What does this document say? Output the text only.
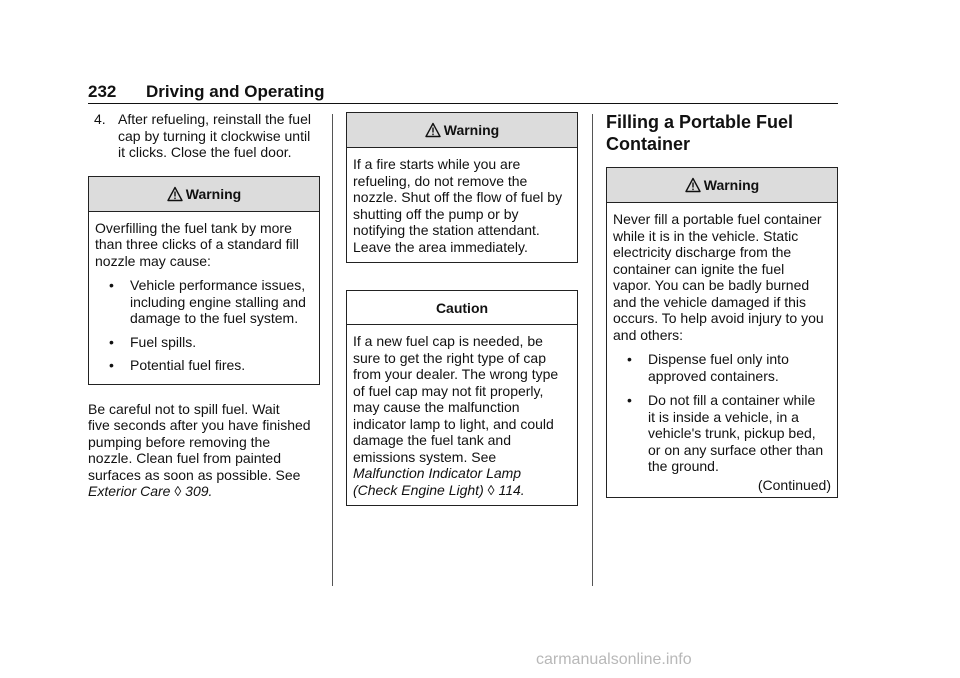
232 Driving and Operating
4. After refueling, reinstall the fuel
cap by turning it clockwise until
it clicks. Close the fuel door.
Warning
Overfilling the fuel tank by more
than three clicks of a standard fill
nozzle may cause:
• Vehicle performance issues,
including engine stalling and
damage to the fuel system.
• Fuel spills.
• Potential fuel fires.
Be careful not to spill fuel. Wait
five seconds after you have finished
pumping before removing the
nozzle. Clean fuel from painted
surfaces as soon as possible. See
Exterior Care ◊ 309.
Warning
If a fire starts while you are
refueling, do not remove the
nozzle. Shut off the flow of fuel by
shutting off the pump or by
notifying the station attendant.
Leave the area immediately.
Caution
If a new fuel cap is needed, be
sure to get the right type of cap
from your dealer. The wrong type
of fuel cap may not fit properly,
may cause the malfunction
indicator lamp to light, and could
damage the fuel tank and
emissions system. See
Malfunction Indicator Lamp
(Check Engine Light) ◊ 114.
Filling a Portable Fuel
Container
Warning
Never fill a portable fuel container
while it is in the vehicle. Static
electricity discharge from the
container can ignite the fuel
vapor. You can be badly burned
and the vehicle damaged if this
occurs. To help avoid injury to you
and others:
• Dispense fuel only into
approved containers.
• Do not fill a container while
it is inside a vehicle, in a
vehicle's trunk, pickup bed,
or on any surface other than
the ground.
(Continued)
carmanualsonline.info
